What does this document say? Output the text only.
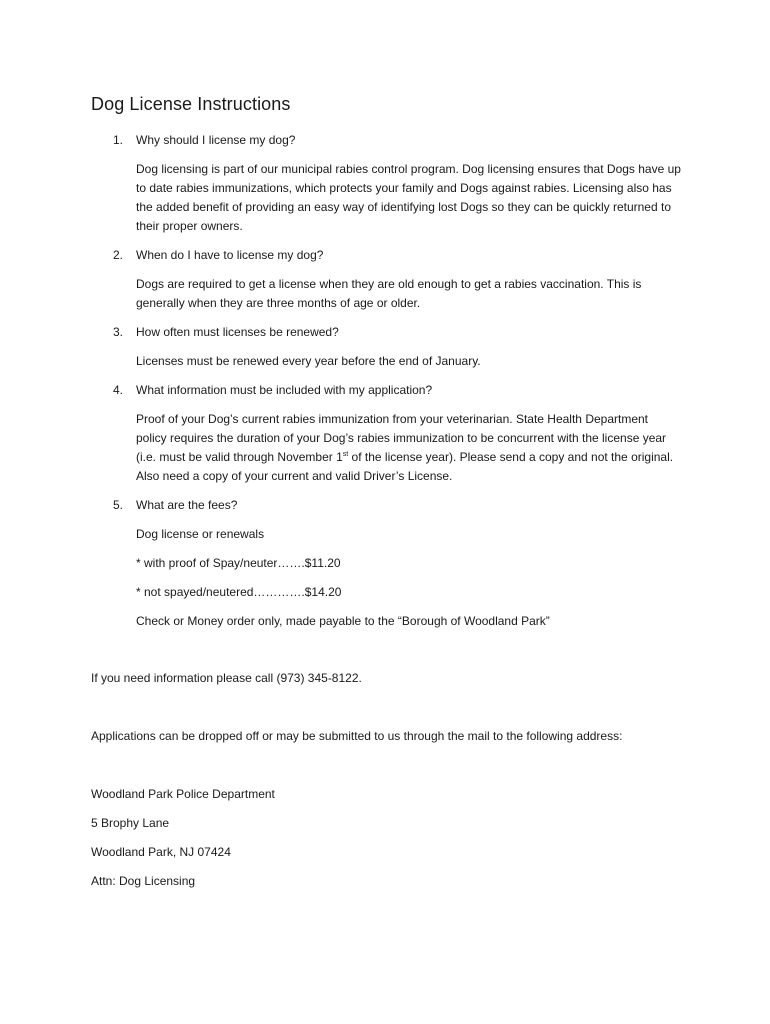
Dog License Instructions
1. Why should I license my dog?

Dog licensing is part of our municipal rabies control program. Dog licensing ensures that Dogs have up to date rabies immunizations, which protects your family and Dogs against rabies. Licensing also has the added benefit of providing an easy way of identifying lost Dogs so they can be quickly returned to their proper owners.

2. When do I have to license my dog?

Dogs are required to get a license when they are old enough to get a rabies vaccination. This is generally when they are three months of age or older.

3. How often must licenses be renewed?

Licenses must be renewed every year before the end of January.

4. What information must be included with my application?

Proof of your Dog’s current rabies immunization from your veterinarian. State Health Department policy requires the duration of your Dog’s rabies immunization to be concurrent with the license year (i.e. must be valid through November 1st of the license year). Please send a copy and not the original. Also need a copy of your current and valid Driver’s License.

5. What are the fees?

Dog license or renewals

* with proof of Spay/neuter…….$11.20

* not spayed/neutered………….$14.20

Check or Money order only, made payable to the “Borough of Woodland Park”

If you need information please call (973) 345-8122.

Applications can be dropped off or may be submitted to us through the mail to the following address:

Woodland Park Police Department

5 Brophy Lane

Woodland Park, NJ 07424

Attn: Dog Licensing
